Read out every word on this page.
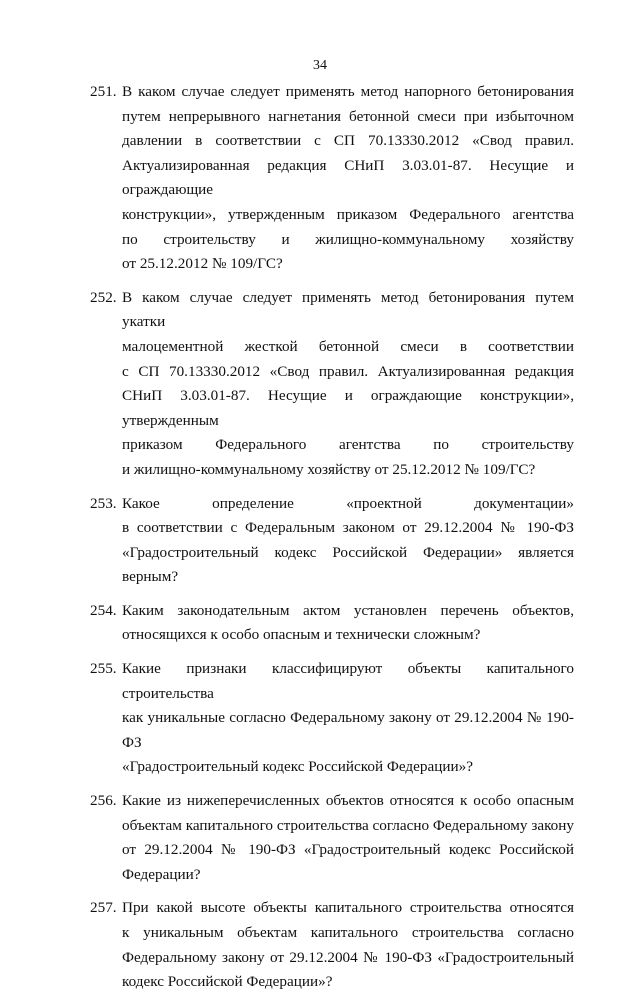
34
251. В каком случае следует применять метод напорного бетонирования
путем непрерывного нагнетания бетонной смеси при избыточном
давлении в соответствии с СП 70.13330.2012 «Свод правил.
Актуализированная редакция СНиП 3.03.01-87. Несущие и ограждающие
конструкции», утвержденным приказом Федерального агентства
по строительству и жилищно-коммунальному хозяйству
от 25.12.2012 № 109/ГС?
252. В каком случае следует применять метод бетонирования путем укатки
малоцементной жесткой бетонной смеси в соответствии
с СП 70.13330.2012 «Свод правил. Актуализированная редакция
СНиП 3.03.01-87. Несущие и ограждающие конструкции», утвержденным
приказом Федерального агентства по строительству
и жилищно-коммунальному хозяйству от 25.12.2012 № 109/ГС?
253. Какое определение «проектной документации»
в соответствии с Федеральным законом от 29.12.2004 № 190-ФЗ
«Градостроительный кодекс Российской Федерации» является верным?
254. Каким законодательным актом установлен перечень объектов,
относящихся к особо опасным и технически сложным?
255. Какие признаки классифицируют объекты капитального строительства
как уникальные согласно Федеральному закону от 29.12.2004 № 190-ФЗ
«Градостроительный кодекс Российской Федерации»?
256. Какие из нижеперечисленных объектов относятся к особо опасным
объектам капитального строительства согласно Федеральному закону
от 29.12.2004 № 190-ФЗ «Градостроительный кодекс Российской
Федерации?
257. При какой высоте объекты капитального строительства относятся
к уникальным объектам капитального строительства согласно
Федеральному закону от 29.12.2004 № 190-ФЗ «Градостроительный
кодекс Российской Федерации»?
